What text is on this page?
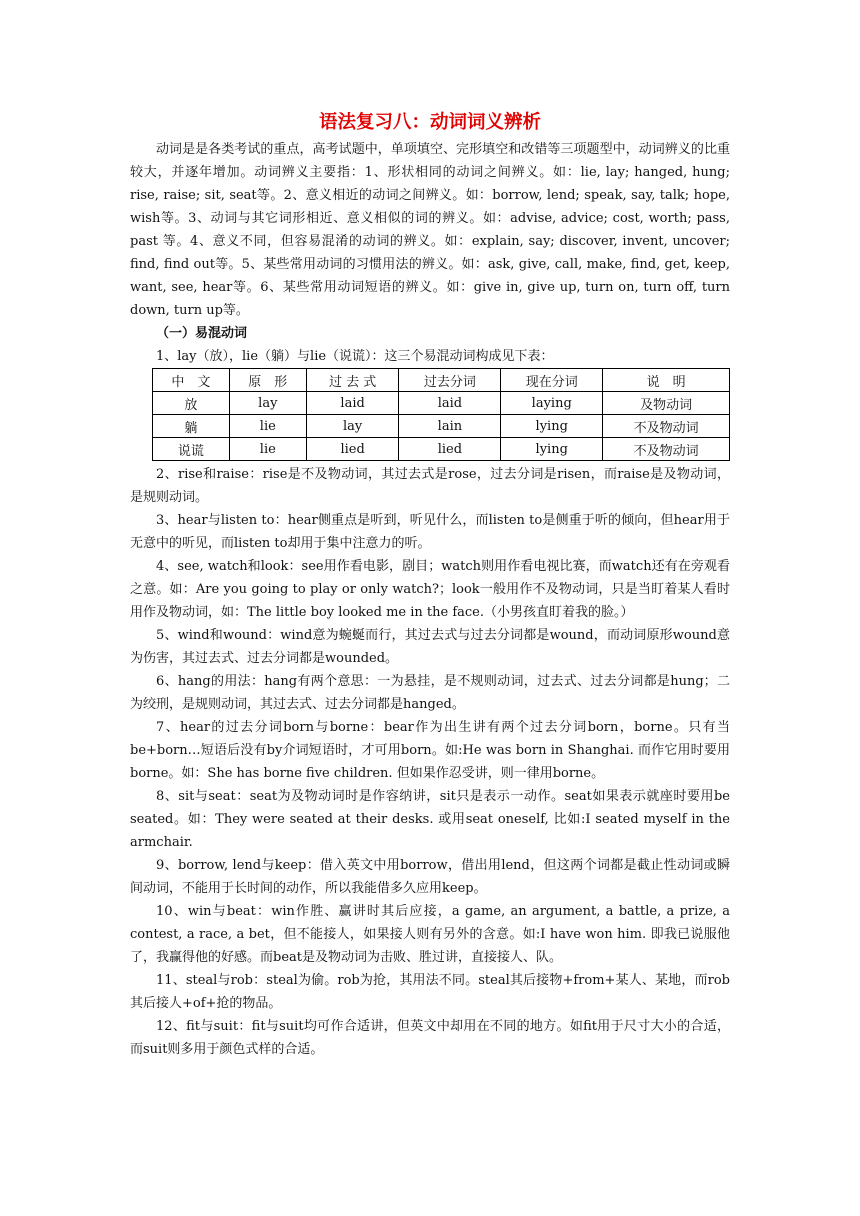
语法复习八：动词词义辨析

动词是是各类考试的重点，高考试题中，单项填空、完形填空和改错等三项题型中，动词辨义的比重较大，并逐年增加。动词辨义主要指：1、形状相同的动词之间辨义。如：lie, lay; hanged, hung; rise, raise; sit, seat等。2、意义相近的动词之间辨义。如：borrow, lend; speak, say, talk; hope, wish等。3、动词与其它词形相近、意义相似的词的辨义。如：advise, advice; cost, worth; pass, past 等。4、意义不同，但容易混淆的动词的辨义。如：explain, say; discover, invent, uncover; find, find out等。5、某些常用动词的习惯用法的辨义。如：ask, give, call, make, find, get, keep, want, see, hear等。6、某些常用动词短语的辨义。如：give in, give up, turn on, turn off, turn down, turn up等。

（一）易混动词

1、lay（放），lie（躺）与lie（说谎）：这三个易混动词构成见下表：

中　文	原　形	过 去 式	过去分词	现在分词	说　明
放	lay	laid	laid	laying	及物动词
躺	lie	lay	lain	lying	不及物动词
说谎	lie	lied	lied	lying	不及物动词

2、rise和raise：rise是不及物动词，其过去式是rose，过去分词是risen，而raise是及物动词，是规则动词。

3、hear与listen to：hear侧重点是听到，听见什么，而listen to是侧重于听的倾向，但hear用于无意中的听见，而listen to却用于集中注意力的听。

4、see, watch和look：see用作看电影，剧目；watch则用作看电视比赛，而watch还有在旁观看之意。如：Are you going to play or only watch?；look一般用作不及物动词，只是当盯着某人看时用作及物动词，如：The little boy looked me in the face.（小男孩直盯着我的脸。）

5、wind和wound：wind意为蜿蜒而行，其过去式与过去分词都是wound，而动词原形wound意为伤害，其过去式、过去分词都是wounded。

6、hang的用法：hang有两个意思：一为悬挂，是不规则动词，过去式、过去分词都是hung；二为绞刑，是规则动词，其过去式、过去分词都是hanged。

7、hear的过去分词born与borne：bear作为出生讲有两个过去分词born，borne。只有当be+born…短语后没有by介词短语时，才可用born。如:He was born in Shanghai. 而作它用时要用borne。如：She has borne five children. 但如果作忍受讲，则一律用borne。

8、sit与seat：seat为及物动词时是作容纳讲，sit只是表示一动作。seat如果表示就座时要用be seated。如：They were seated at their desks. 或用seat oneself, 比如:I seated myself in the armchair.

9、borrow, lend与keep：借入英文中用borrow，借出用lend，但这两个词都是截止性动词或瞬间动词，不能用于长时间的动作，所以我能借多久应用keep。

10、win与beat：win作胜、赢讲时其后应接，a game, an argument, a battle, a prize, a contest, a race, a bet，但不能接人，如果接人则有另外的含意。如:I have won him. 即我已说服他了，我赢得他的好感。而beat是及物动词为击败、胜过讲，直接接人、队。

11、steal与rob：steal为偷。rob为抢，其用法不同。steal其后接物+from+某人、某地，而rob其后接人+of+抢的物品。

12、fit与suit：fit与suit均可作合适讲，但英文中却用在不同的地方。如fit用于尺寸大小的合适，而suit则多用于颜色式样的合适。
